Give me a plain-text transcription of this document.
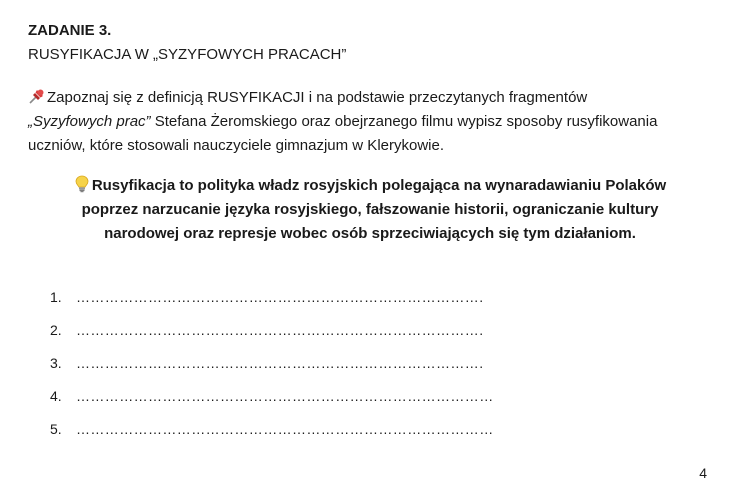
ZADANIE 3.
RUSYFIKACJA W „SYZYFOWYCH PRACACH”
Zapoznaj się z definicją RUSYFIKACJI i na podstawie przeczytanych fragmentów
„Syzyfowych prac” Stefana Żeromskiego oraz obejrzanego filmu wypisz sposoby rusyfikowania uczniów, które stosowali nauczyciele gimnazjum w Klerykowie.
Rusyfikacja to polityka władz rosyjskich polegająca na wynaradawianiu Polaków poprzez narzucanie języka rosyjskiego, fałszowanie historii, ograniczanie kultury narodowej oraz represje wobec osób sprzeciwiających się tym działaniom.
1.	………………………………………………………………………….
2.	………………………………………………………………………….
3.	………………………………………………………………………….
4.	……………………………………………………………………………
5.	……………………………………………………………………………
4
